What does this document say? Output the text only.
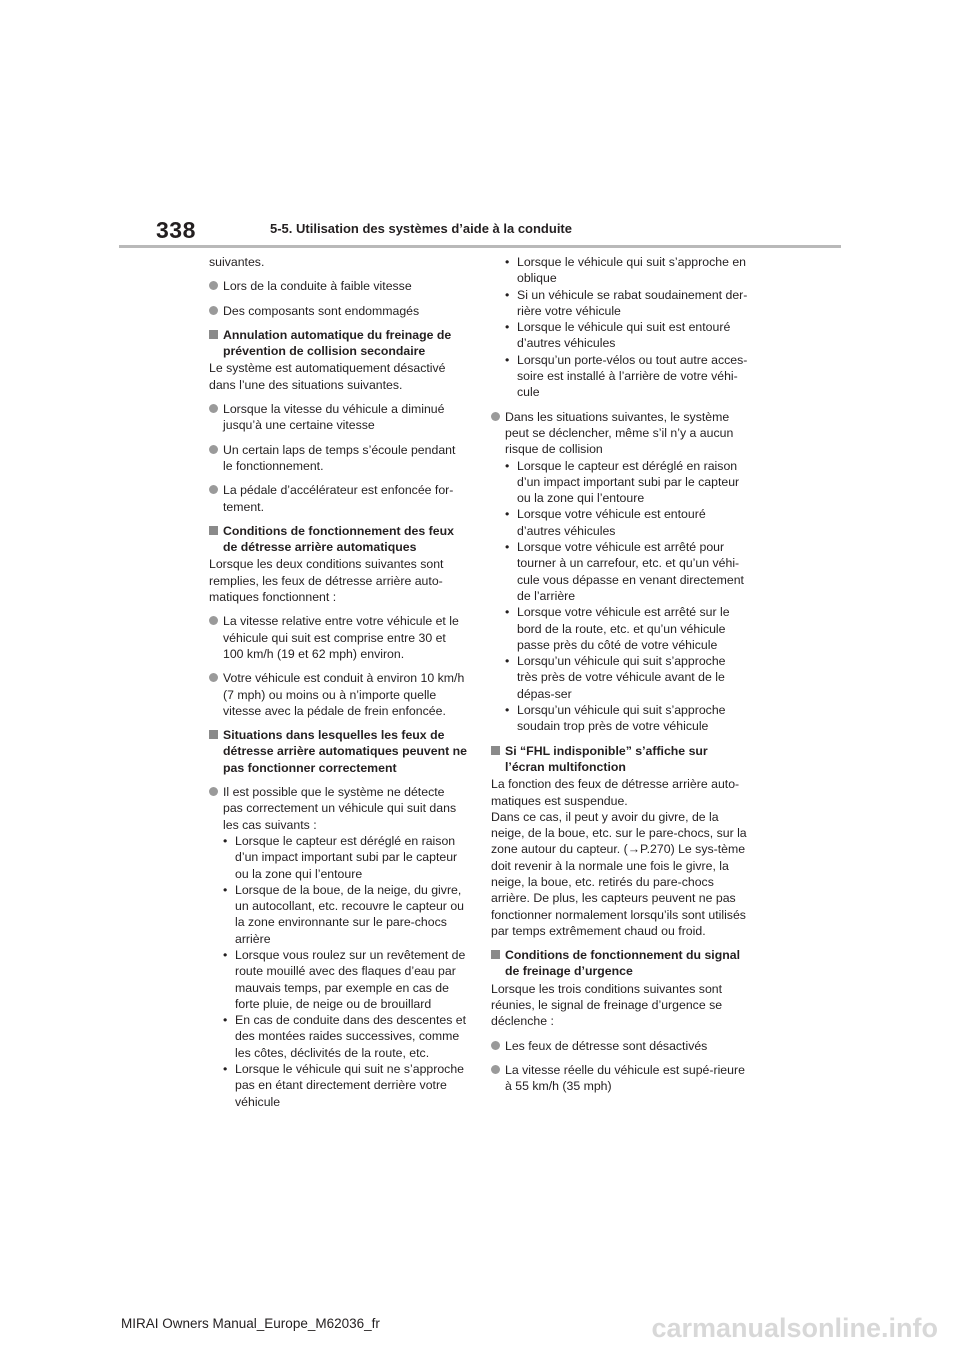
338	5-5. Utilisation des systèmes d’aide à la conduite

suivantes.

Lors de la conduite à faible vitesse
Des composants sont endommagés
Annulation automatique du freinage de prévention de collision secondaire

Le système est automatiquement désactivé dans l’une des situations suivantes.

Lorsque la vitesse du véhicule a diminué jusqu’à une certaine vitesse
Un certain laps de temps s’écoule pendant le fonctionnement.
La pédale d’accélérateur est enfoncée for-tement.
Conditions de fonctionnement des feux de détresse arrière automatiques

Lorsque les deux conditions suivantes sont remplies, les feux de détresse arrière auto-matiques fonctionnent :

La vitesse relative entre votre véhicule et le véhicule qui suit est comprise entre 30 et 100 km/h (19 et 62 mph) environ.
Votre véhicule est conduit à environ 10 km/h (7 mph) ou moins ou à n’importe quelle vitesse avec la pédale de frein enfoncée.
Situations dans lesquelles les feux de détresse arrière automatiques peuvent ne pas fonctionner correctement
Il est possible que le système ne détecte pas correctement un véhicule qui suit dans les cas suivants :
• Lorsque le capteur est déréglé en raison d’un impact important subi par le capteur ou la zone qui l’entoure
• Lorsque de la boue, de la neige, du givre, un autocollant, etc. recouvre le capteur ou la zone environnante sur le pare-chocs arrière
• Lorsque vous roulez sur un revêtement de route mouillé avec des flaques d’eau par mauvais temps, par exemple en cas de forte pluie, de neige ou de brouillard
• En cas de conduite dans des descentes et des montées raides successives, comme les côtes, déclivités de la route, etc.
• Lorsque le véhicule qui suit ne s’approche pas en étant directement derrière votre véhicule
• Lorsque le véhicule qui suit s’approche en oblique
• Si un véhicule se rabat soudainement der-rière votre véhicule
• Lorsque le véhicule qui suit est entouré d’autres véhicules
• Lorsqu’un porte-vélos ou tout autre acces-soire est installé à l’arrière de votre véhi-cule
Dans les situations suivantes, le système peut se déclencher, même s’il n’y a aucun risque de collision
• Lorsque le capteur est déréglé en raison d’un impact important subi par le capteur ou la zone qui l’entoure
• Lorsque votre véhicule est entouré d’autres véhicules
• Lorsque votre véhicule est arrêté pour tourner à un carrefour, etc. et qu’un véhi-cule vous dépasse en venant directement de l’arrière
• Lorsque votre véhicule est arrêté sur le bord de la route, etc. et qu’un véhicule passe près du côté de votre véhicule
• Lorsqu’un véhicule qui suit s’approche très près de votre véhicule avant de le dépas-ser
• Lorsqu’un véhicule qui suit s’approche soudain trop près de votre véhicule
Si “FHL indisponible” s’affiche sur l’écran multifonction

La fonction des feux de détresse arrière auto-matiques est suspendue.

Dans ce cas, il peut y avoir du givre, de la neige, de la boue, etc. sur le pare-chocs, sur la zone autour du capteur. (→P.270) Le sys-tème doit revenir à la normale une fois le givre, la neige, la boue, etc. retirés du pare-chocs arrière. De plus, les capteurs peuvent ne pas fonctionner normalement lorsqu’ils sont utilisés par temps extrêmement chaud ou froid.

Conditions de fonctionnement du signal de freinage d’urgence

Lorsque les trois conditions suivantes sont réunies, le signal de freinage d’urgence se déclenche :

Les feux de détresse sont désactivés
La vitesse réelle du véhicule est supé-rieure à 55 km/h (35 mph)
MIRAI Owners Manual_Europe_M62036_fr	carmanualsonline.info
